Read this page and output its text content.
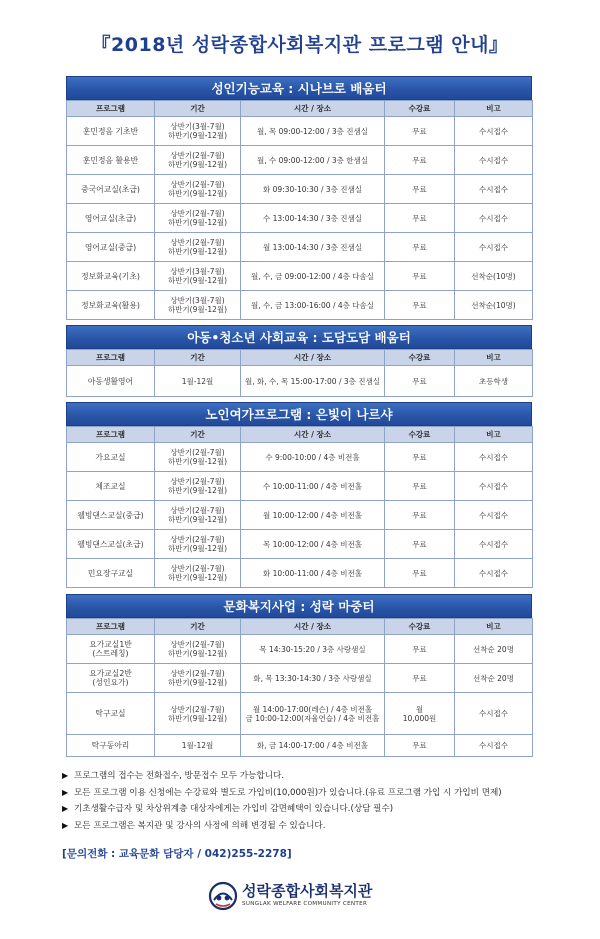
『2018년 성락종합사회복지관 프로그램 안내』
성인기능교육 : 시나브로 배움터
프로그램	기간	시간 / 장소	수강료	비고
훈민정음 기초반	상반기(3월-7월)
하반기(9월-12월)	월, 목 09:00-12:00 / 3층 진샘실	무료	수시접수
훈민정음 활용반	상반기(2월-7월)
하반기(9월-12월)	월, 수 09:00-12:00 / 3층 한샘실	무료	수시접수
중국어교실(초급)	상반기(2월-7월)
하반기(9월-12월)	화 09:30-10:30 / 3층 진샘실	무료	수시접수
영어교실(초급)	상반기(2월-7월)
하반기(9월-12월)	수 13:00-14:30 / 3층 진샘실	무료	수시접수
영어교실(중급)	상반기(2월-7월)
하반기(9월-12월)	월 13:00-14:30 / 3층 진샘실	무료	수시접수
정보화교육(기초)	상반기(3월-7월)
하반기(9월-12월)	월, 수, 금 09:00-12:00 / 4층 다솜실	무료	선착순(10명)
정보화교육(활용)	상반기(3월-7월)
하반기(9월-12월)	월, 수, 금 13:00-16:00 / 4층 다솜실	무료	선착순(10명)
아동•청소년 사회교육 : 도담도담 배움터
프로그램	기간	시간 / 장소	수강료	비고
아동생활영어	1월-12월	월, 화, 수, 목 15:00-17:00 / 3층 진샘실	무료	초등학생
노인여가프로그램 : 은빛이 나르샤
프로그램	기간	시간 / 장소	수강료	비고
가요교실	상반기(2월-7월)
하반기(9월-12월)	수 9:00-10:00 / 4층 비전홀	무료	수시접수
체조교실	상반기(2월-7월)
하반기(9월-12월)	수 10:00-11:00 / 4층 비전홀	무료	수시접수
웰빙댄스교실(중급)	상반기(2월-7월)
하반기(9월-12월)	월 10:00-12:00 / 4층 비전홀	무료	수시접수
웰빙댄스교실(초급)	상반기(2월-7월)
하반기(9월-12월)	목 10:00-12:00 / 4층 비전홀	무료	수시접수
민요장구교실	상반기(2월-7월)
하반기(9월-12월)	화 10:00-11:00 / 4층 비전홀	무료	수시접수
문화복지사업 : 성락 마중터
프로그램	기간	시간 / 장소	수강료	비고
요가교실1반
(스트레칭)	상반기(2월-7월)
하반기(9월-12월)	목 14:30-15:20 / 3층 사랑샘실	무료	선착순 20명
요가교실2반
(성인요가)	상반기(2월-7월)
하반기(9월-12월)	화, 목 13:30-14:30 / 3층 사랑샘실	무료	선착순 20명
탁구교실	상반기(2월-7월)
하반기(9월-12월)	월 14:00-17:00(레슨) / 4층 비전홀
금 10:00-12:00(자율연습) / 4층 비전홀	월
10,000원	수시접수
탁구동아리	1월-12월	화, 금 14:00-17:00 / 4층 비전홀	무료	수시접수
▶ 프로그램의 접수는 전화접수, 방문접수 모두 가능합니다.
▶ 모든 프로그램 이용 신청에는 수강료와 별도로 가입비(10,000원)가 있습니다.(유료 프로그램 가입 시 가입비 면제)
▶ 기초생활수급자 및 차상위계층 대상자에게는 가입비 감면혜택이 있습니다.(상담 필수)
▶ 모든 프로그램은 복지관 및 강사의 사정에 의해 변경될 수 있습니다.
[문의전화 : 교육문화 담당자 / 042)255-2278]
성락종합사회복지관
SUNGLAK WELFARE COMMUNITY CENTER
